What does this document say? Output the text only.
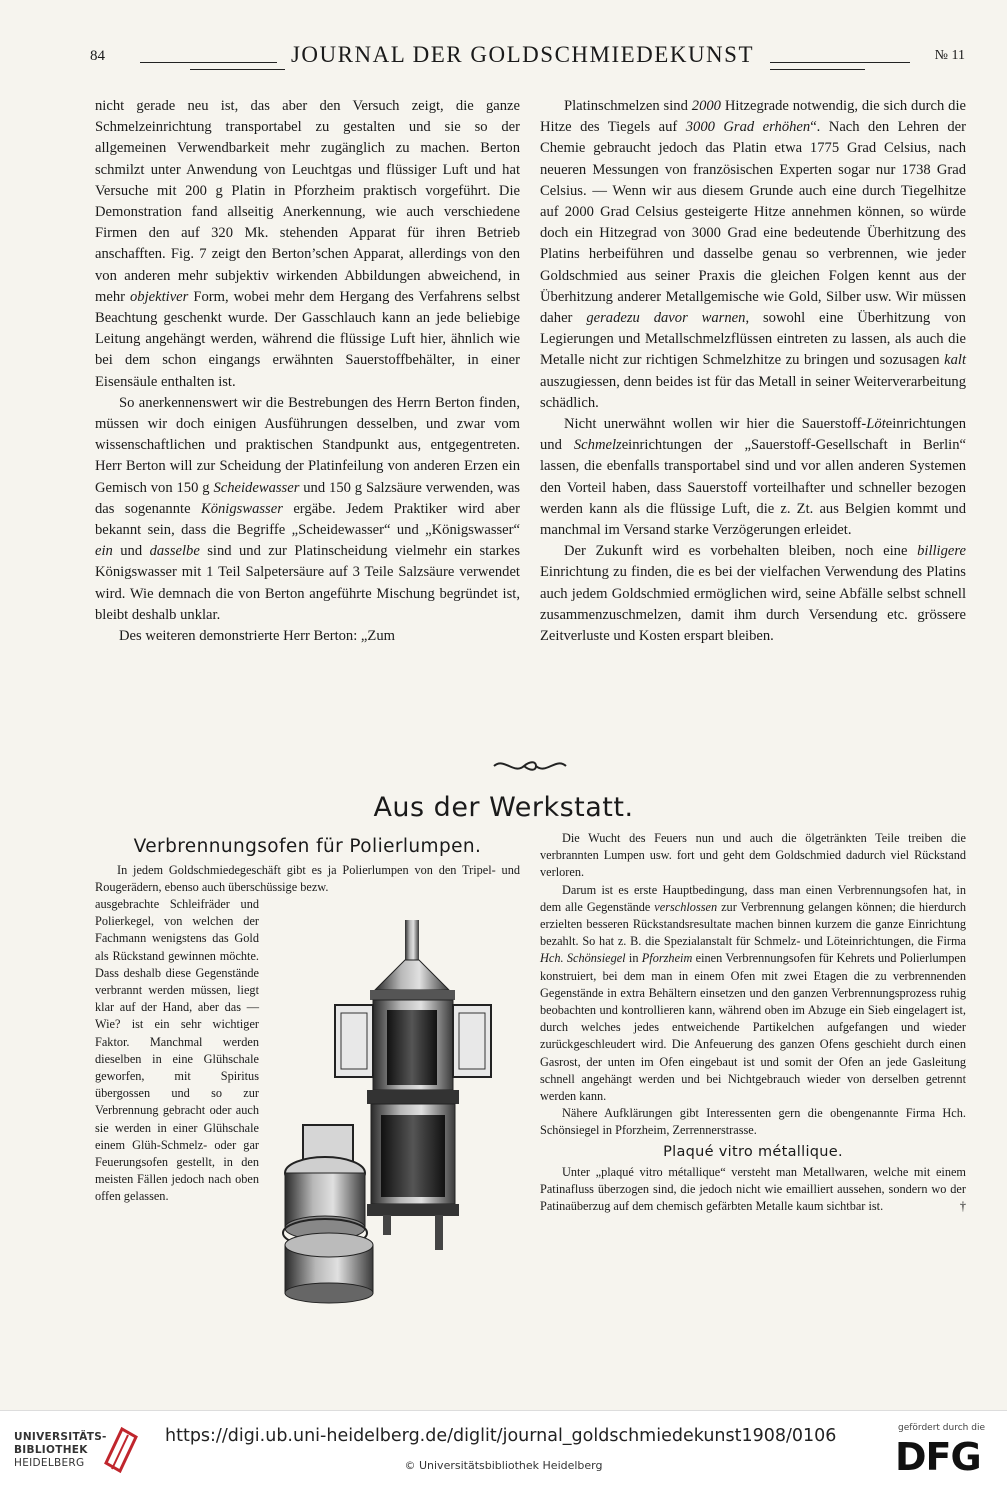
84	JOURNAL DER GOLDSCHMIEDEKUNST	№ 11

nicht gerade neu ist, das aber den Versuch zeigt, die ganze Schmelzeinrichtung transportabel zu gestalten und sie so der allgemeinen Verwendbarkeit mehr zugänglich zu machen. Berton schmilzt unter Anwendung von Leuchtgas und flüssiger Luft und hat Versuche mit 200 g Platin in Pforzheim praktisch vorgeführt. Die Demonstration fand allseitig Anerkennung, wie auch verschiedene Firmen den auf 320 Mk. stehenden Apparat für ihren Betrieb anschafften. Fig. 7 zeigt den Berton’schen Apparat, allerdings von den von anderen mehr subjektiv wirkenden Abbildungen abweichend, in mehr objektiver Form, wobei mehr dem Hergang des Verfahrens selbst Beachtung geschenkt wurde. Der Gasschlauch kann an jede beliebige Leitung angehängt werden, während die flüssige Luft hier, ähnlich wie bei dem schon eingangs erwähnten Sauerstoffbehälter, in einer Eisensäule enthalten ist.

So anerkennenswert wir die Bestrebungen des Herrn Berton finden, müssen wir doch einigen Ausführungen desselben, und zwar vom wissenschaftlichen und praktischen Standpunkt aus, entgegentreten. Herr Berton will zur Scheidung der Platinfeilung von anderen Erzen ein Gemisch von 150 g Scheidewasser und 150 g Salzsäure verwenden, was das sogenannte Königswasser ergäbe. Jedem Praktiker wird aber bekannt sein, dass die Begriffe „Scheidewasser“ und „Königswasser“ ein und dasselbe sind und zur Platinscheidung vielmehr ein starkes Königswasser mit 1 Teil Salpetersäure auf 3 Teile Salzsäure verwendet wird. Wie demnach die von Berton angeführte Mischung begründet ist, bleibt deshalb unklar.

Des weiteren demonstrierte Herr Berton: „Zum

Platinschmelzen sind 2000 Hitzegrade notwendig, die sich durch die Hitze des Tiegels auf 3000 Grad erhöhen“. Nach den Lehren der Chemie gebraucht jedoch das Platin etwa 1775 Grad Celsius, nach neueren Messungen von französischen Experten sogar nur 1738 Grad Celsius. — Wenn wir aus diesem Grunde auch eine durch Tiegelhitze auf 2000 Grad Celsius gesteigerte Hitze annehmen können, so würde doch ein Hitzegrad von 3000 Grad eine bedeutende Überhitzung des Platins herbeiführen und dasselbe genau so verbrennen, wie jeder Goldschmied aus seiner Praxis die gleichen Folgen kennt aus der Überhitzung anderer Metallgemische wie Gold, Silber usw. Wir müssen daher geradezu davor warnen, sowohl eine Überhitzung von Legierungen und Metallschmelzflüssen eintreten zu lassen, als auch die Metalle nicht zur richtigen Schmelzhitze zu bringen und sozusagen kalt auszugiessen, denn beides ist für das Metall in seiner Weiterverarbeitung schädlich.

Nicht unerwähnt wollen wir hier die Sauerstoff-Löteinrichtungen und Schmelzeinrichtungen der „Sauerstoff-Gesellschaft in Berlin“ lassen, die ebenfalls transportabel sind und vor allen anderen Systemen den Vorteil haben, dass Sauerstoff vorteilhafter und schneller bezogen werden kann als die flüssige Luft, die z. Zt. aus Belgien kommt und manchmal im Versand starke Verzögerungen erleidet.

Der Zukunft wird es vorbehalten bleiben, noch eine billigere Einrichtung zu finden, die es bei der vielfachen Verwendung des Platins auch jedem Goldschmied ermöglichen wird, seine Abfälle selbst schnell zusammenzuschmelzen, damit ihm durch Versendung etc. grössere Zeitverluste und Kosten erspart bleiben.

Aus der Werkstatt.
Verbrennungsofen für Polierlumpen.

In jedem Goldschmiedegeschäft gibt es ja Polierlumpen von den Tripel- und Rougerädern, ebenso auch überschüssige bezw.

ausgebrachte Schleifräder und Polierkegel, von welchen der Fachmann wenigstens das Gold als Rückstand gewinnen möchte. Dass deshalb diese Gegenstände verbrannt werden müssen, liegt klar auf der Hand, aber das — Wie? ist ein sehr wichtiger Faktor. Manchmal werden dieselben in eine Glühschale geworfen, mit Spiritus übergossen und so zur Verbrennung gebracht oder auch sie werden in einer Glühschale einem Glüh-Schmelz- oder gar Feuerungsofen gestellt, in den meisten Fällen jedoch nach oben offen gelassen.

Die Wucht des Feuers nun und auch die ölgetränkten Teile treiben die verbrannten Lumpen usw. fort und geht dem Goldschmied dadurch viel Rückstand verloren.

Darum ist es erste Hauptbedingung, dass man einen Verbrennungsofen hat, in dem alle Gegenstände verschlossen zur Verbrennung gelangen können; die hierdurch erzielten besseren Rückstandsresultate machen binnen kurzem die ganze Einrichtung bezahlt. So hat z. B. die Spezialanstalt für Schmelz- und Löteinrichtungen, die Firma Hch. Schönsiegel in Pforzheim einen Verbrennungsofen für Kehrets und Polierlumpen konstruiert, bei dem man in einem Ofen mit zwei Etagen die zu verbrennenden Gegenstände in extra Behältern einsetzen und den ganzen Verbrennungsprozess ruhig beobachten und kontrollieren kann, während oben im Abzuge ein Sieb eingelagert ist, durch welches jedes entweichende Partikelchen aufgefangen und wieder zurückgeschleudert wird. Die Anfeuerung des ganzen Ofens geschieht durch einen Gasrost, der unten im Ofen eingebaut ist und somit der Ofen an jede Gasleitung schnell angehängt werden und bei Nichtgebrauch wieder von derselben getrennt werden kann.

Nähere Aufklärungen gibt Interessenten gern die obengenannte Firma Hch. Schönsiegel in Pforzheim, Zerrennerstrasse.

Plaqué vitro métallique.

Unter „plaqué vitro métallique“ versteht man Metallwaren, welche mit einem Patinafluss überzogen sind, die jedoch nicht wie emailliert aussehen, sondern wo der Patinaüberzug auf dem chemisch gefärbten Metalle kaum sichtbar ist.	†

UNIVERSITÄTS-
BIBLIOTHEK
HEIDELBERG
https://digi.ub.uni-heidelberg.de/diglit/journal_goldschmiedekunst1908/0106
© Universitätsbibliothek Heidelberg
gefördert durch die
DFG
